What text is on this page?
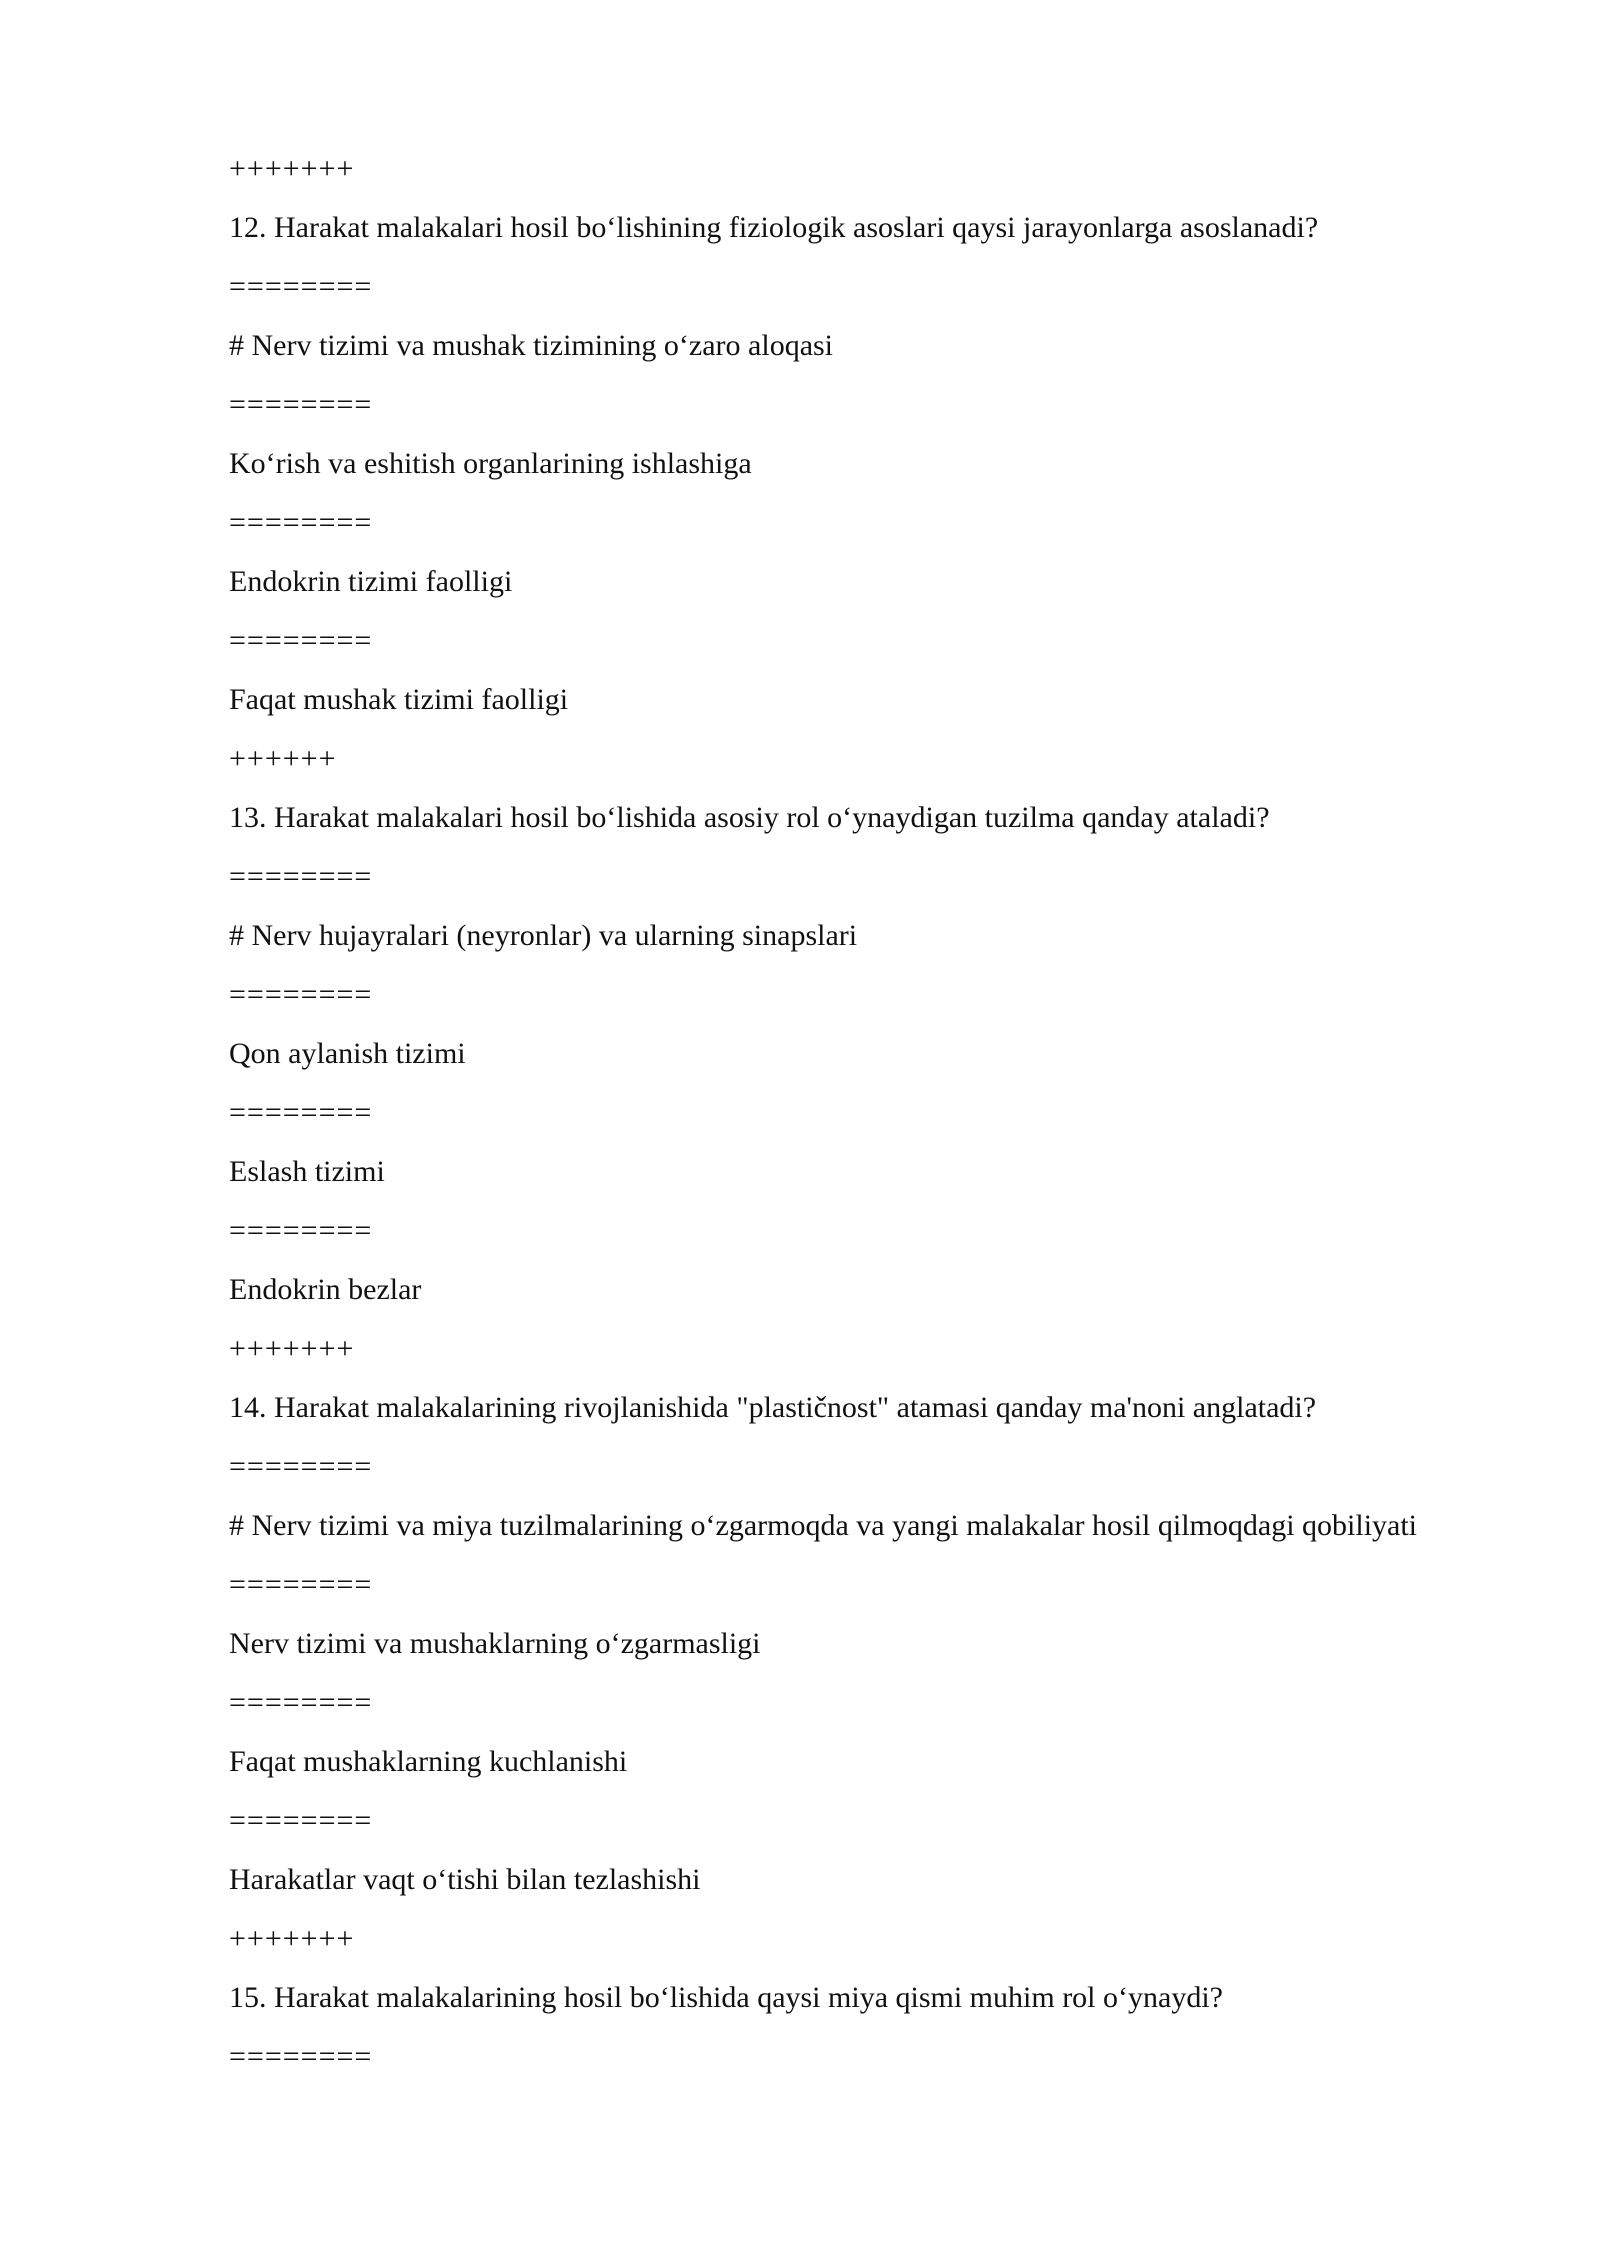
+++++++

12. Harakat malakalari hosil bo‘lishining fiziologik asoslari qaysi jarayonlarga asoslanadi?

========

# Nerv tizimi va mushak tizimining o‘zaro aloqasi

========

Ko‘rish va eshitish organlarining ishlashiga

========

Endokrin tizimi faolligi

========

Faqat mushak tizimi faolligi

++++++

13. Harakat malakalari hosil bo‘lishida asosiy rol o‘ynaydigan tuzilma qanday ataladi?

========

# Nerv hujayralari (neyronlar) va ularning sinapslari

========

Qon aylanish tizimi

========

Eslash tizimi

========

Endokrin bezlar

+++++++

14. Harakat malakalarining rivojlanishida "plastičnost" atamasi qanday ma'noni anglatadi?

========

# Nerv tizimi va miya tuzilmalarining o‘zgarmoqda va yangi malakalar hosil qilmoqdagi qobiliyati

========

Nerv tizimi va mushaklarning o‘zgarmasligi

========

Faqat mushaklarning kuchlanishi

========

Harakatlar vaqt o‘tishi bilan tezlashishi

+++++++

15. Harakat malakalarining hosil bo‘lishida qaysi miya qismi muhim rol o‘ynaydi?

========
